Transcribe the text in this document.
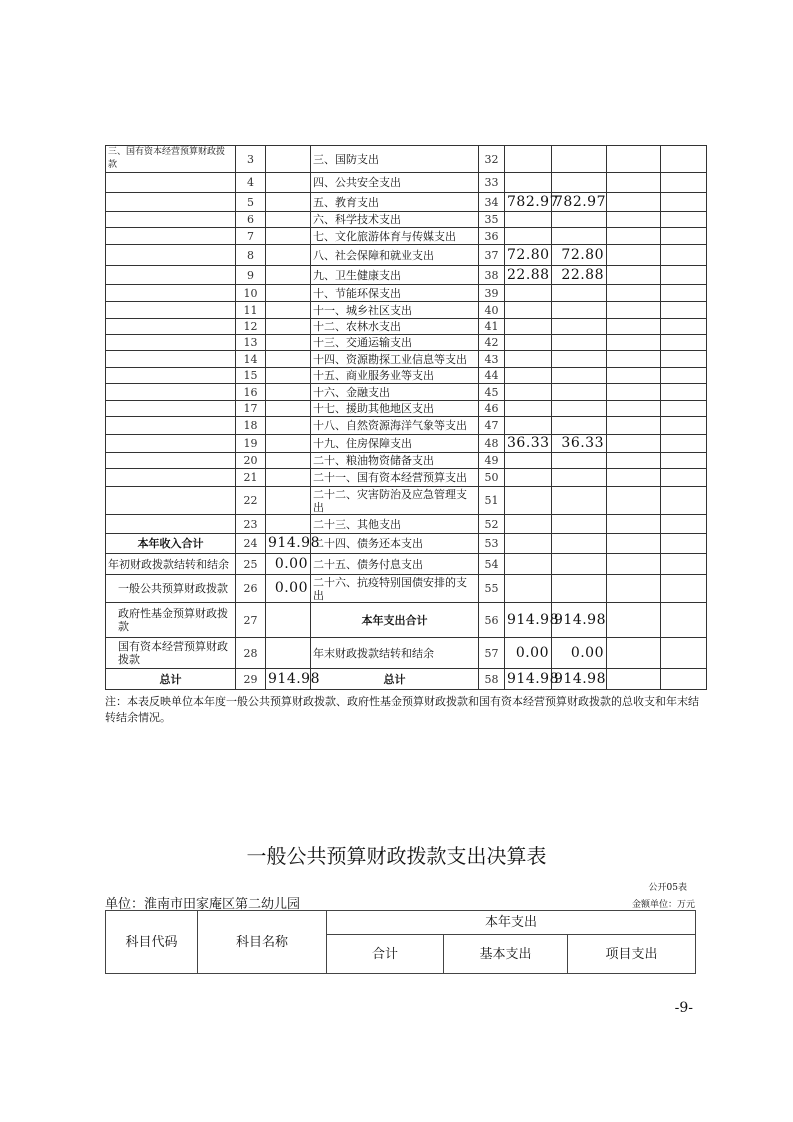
三、国有资本经营预算财政拨款	3		三、国防支出	32				
	4		四、公共安全支出	33				
	5		五、教育支出	34	782.97	782.97		
	6		六、科学技术支出	35				
	7		七、文化旅游体育与传媒支出	36				
	8		八、社会保障和就业支出	37	72.80	72.80		
	9		九、卫生健康支出	38	22.88	22.88		
	10		十、节能环保支出	39				
	11		十一、城乡社区支出	40				
	12		十二、农林水支出	41				
	13		十三、交通运输支出	42				
	14		十四、资源勘探工业信息等支出	43				
	15		十五、商业服务业等支出	44				
	16		十六、金融支出	45				
	17		十七、援助其他地区支出	46				
	18		十八、自然资源海洋气象等支出	47				
	19		十九、住房保障支出	48	36.33	36.33		
	20		二十、粮油物资储备支出	49				
	21		二十一、国有资本经营预算支出	50				
	22		二十二、灾害防治及应急管理支出	51				
	23		二十三、其他支出	52				
本年收入合计	24	914.98	二十四、债务还本支出	53				
年初财政拨款结转和结余	25	0.00	二十五、债务付息支出	54				
一般公共预算财政拨款	26	0.00	二十六、抗疫特别国债安排的支出	55				
政府性基金预算财政拨款	27		本年支出合计	56	914.98	914.98		
国有资本经营预算财政拨款	28		年末财政拨款结转和结余	57	0.00	0.00		
总计	29	914.98	总计	58	914.98	914.98		
注：本表反映单位本年度一般公共预算财政拨款、政府性基金预算财政拨款和国有资本经营预算财政拨款的总收支和年末结转结余情况。
一般公共预算财政拨款支出决算表
公开05表
单位：淮南市田家庵区第二幼儿园	金额单位：万元
科目代码	科目名称	本年支出		
		合计	基本支出	项目支出
-9-
